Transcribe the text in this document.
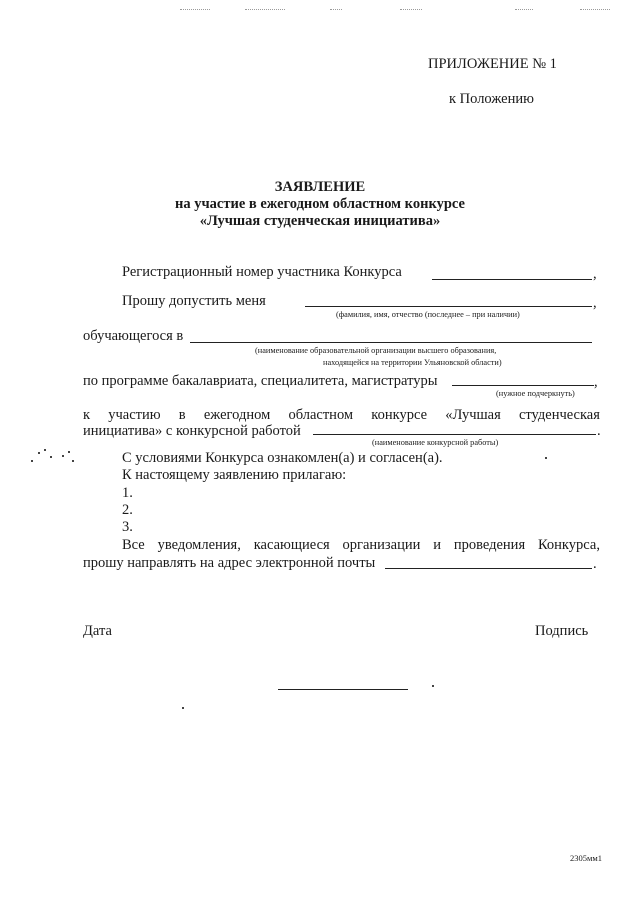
ПРИЛОЖЕНИЕ № 1
к Положению
ЗАЯВЛЕНИЕ
на участие в ежегодном областном конкурсе
«Лучшая студенческая инициатива»
Регистрационный номер участника Конкурса	,
Прошу допустить меня	,
(фамилия, имя, отчество (последнее – при наличии)
обучающегося в
(наименование образовательной организации высшего образования,
находящейся на территории Ульяновской области)
по программе бакалавриата, специалитета, магистратуры	,
(нужное подчеркнуть)
к участию в ежегодном областном конкурсе «Лучшая студенческая
инициатива» с конкурсной работой	.
(наименование конкурсной работы)
С условиями Конкурса ознакомлен(а) и согласен(а).
К настоящему заявлению прилагаю:
1.
2.
3.
Все уведомления, касающиеся организации и проведения Конкурса,
прошу направлять на адрес электронной почты	.
Дата	Подпись
2305мм1
